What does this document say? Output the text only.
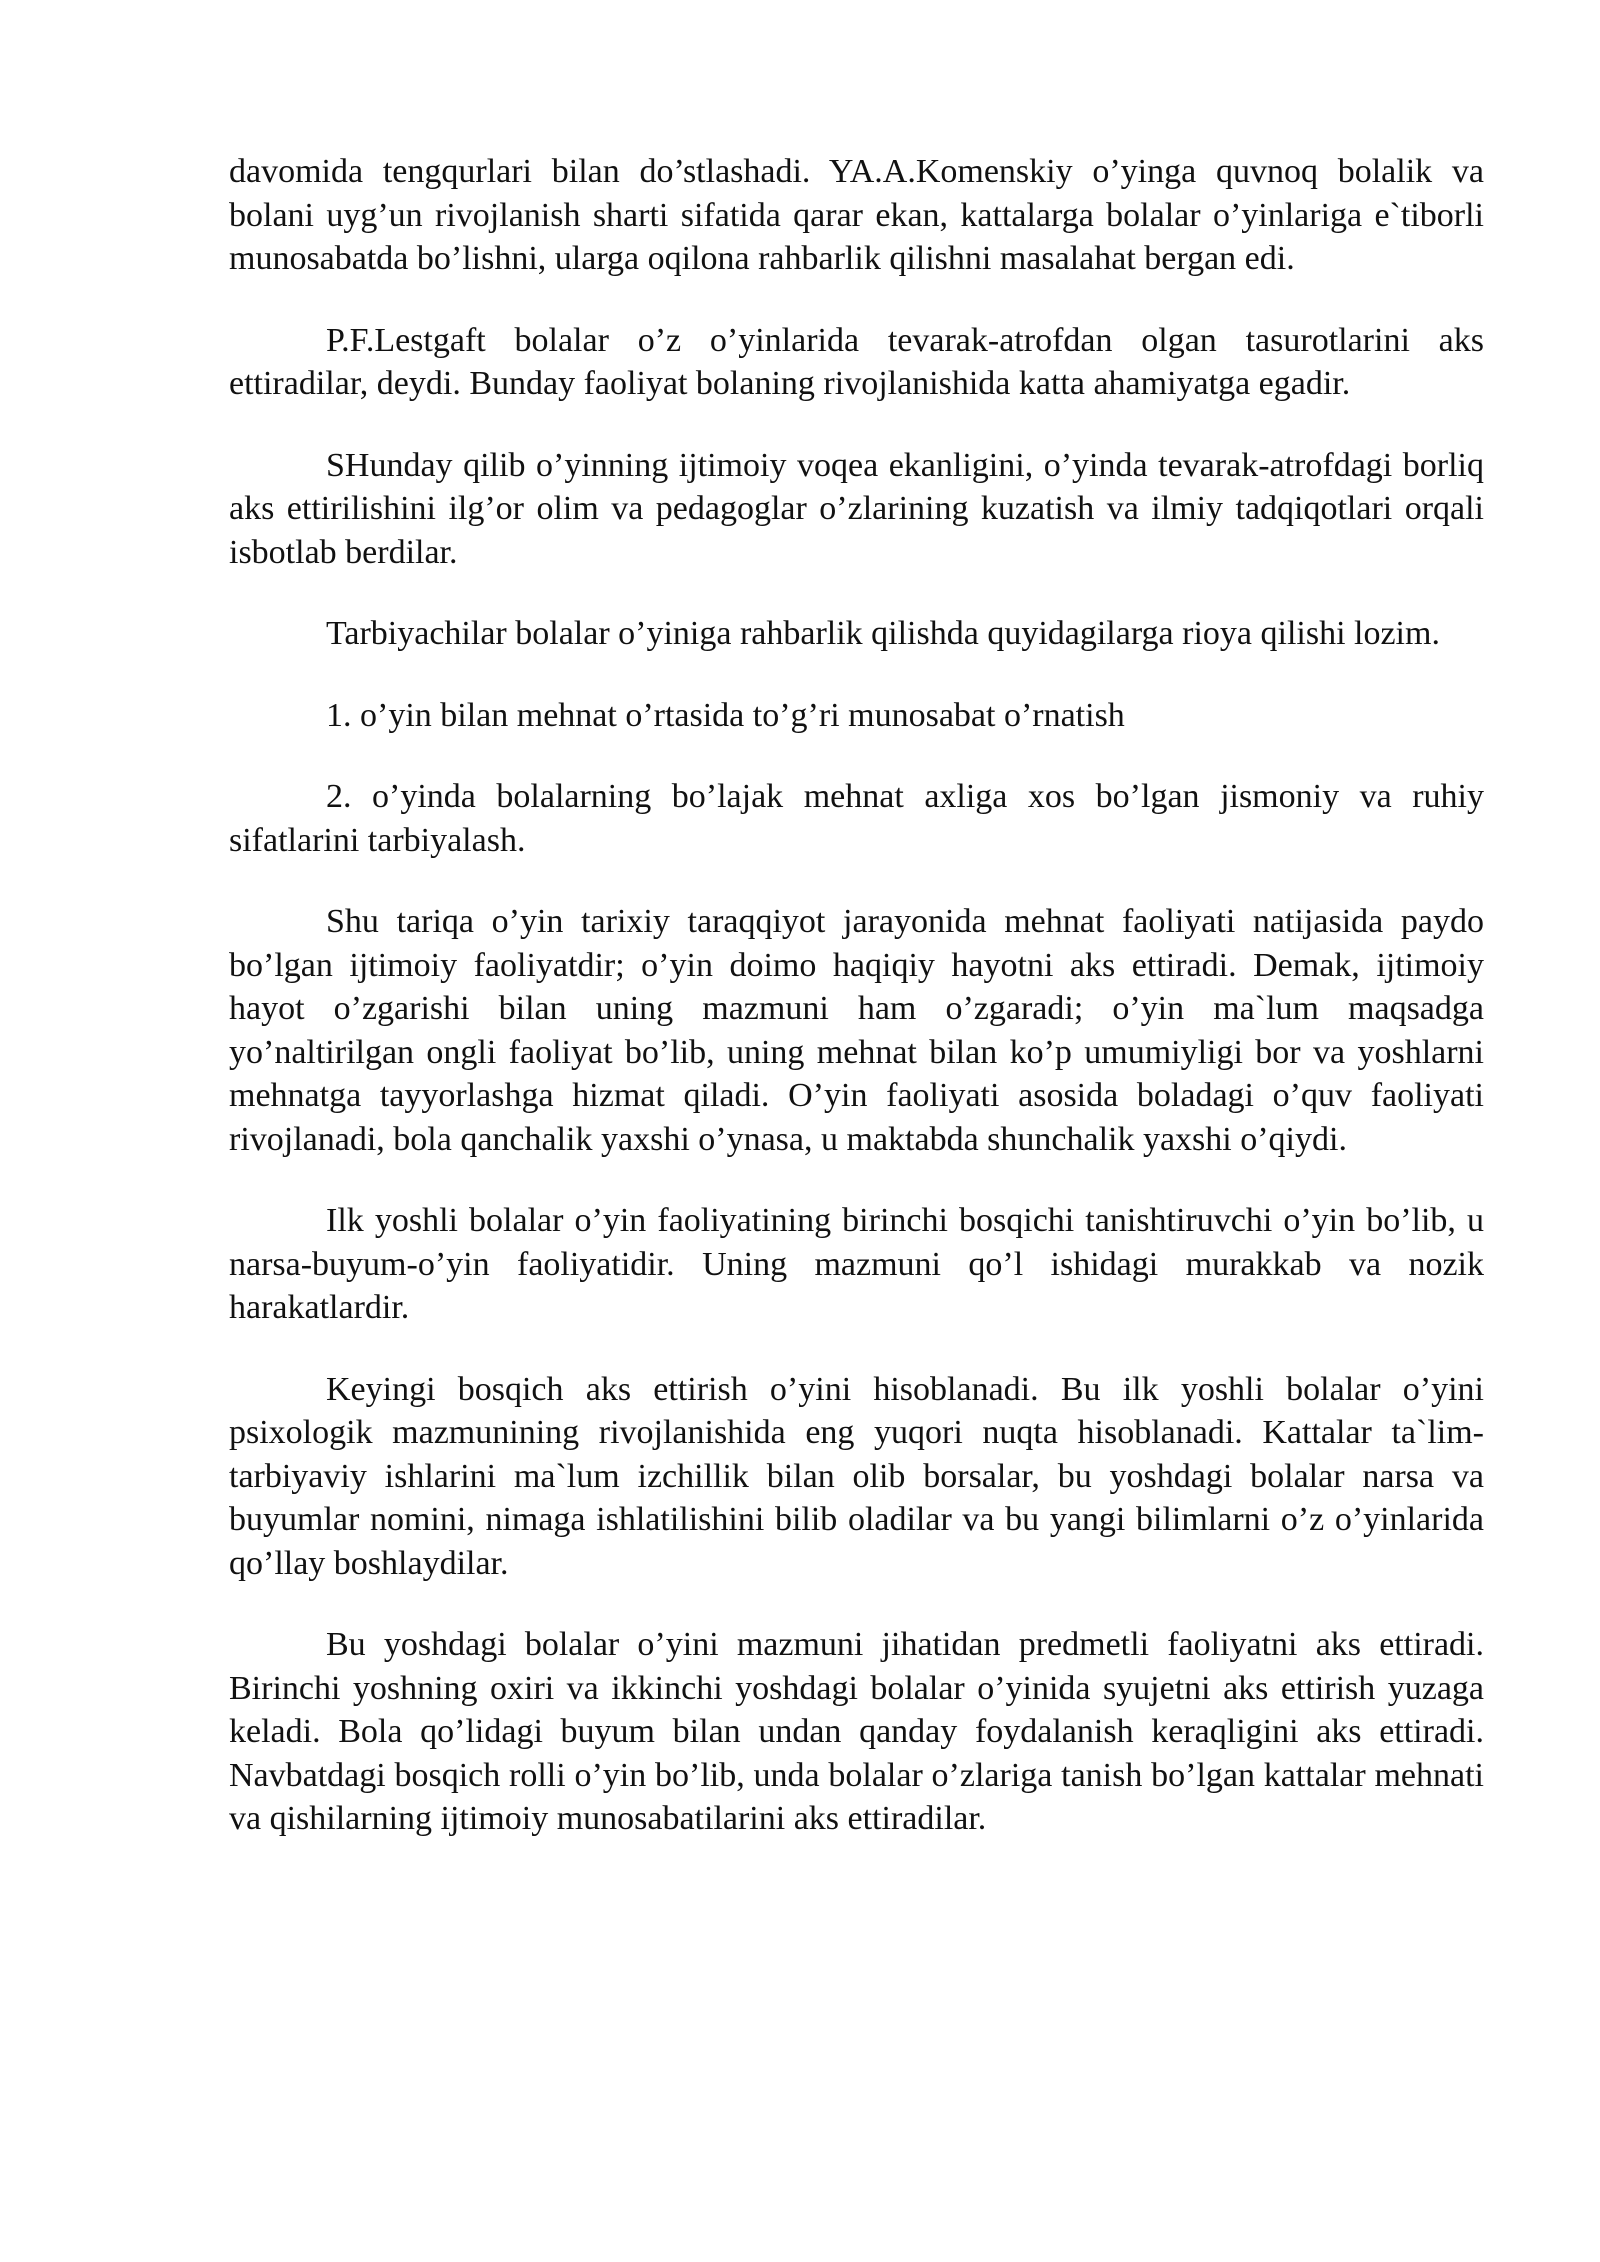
davomida tengqurlari bilan do’stlashadi. YA.A.Komenskiy o’yinga quvnoq bolalik va bolani uyg’un rivojlanish sharti sifatida qarar ekan, kattalarga bolalar o’yinlariga e`tiborli munosabatda bo’lishni, ularga oqilona rahbarlik qilishni masalahat bergan edi.

P.F.Lestgaft bolalar o’z o’yinlarida tevarak-atrofdan olgan tasurotlarini aks ettiradilar, deydi. Bunday faoliyat bolaning rivojlanishida katta ahamiyatga egadir.

SHunday qilib o’yinning ijtimoiy voqea ekanligini, o’yinda tevarak-atrofdagi borliq aks ettirilishini ilg’or olim va pedagoglar o’zlarining kuzatish va ilmiy tadqiqotlari orqali isbotlab berdilar.

Tarbiyachilar bolalar o’yiniga rahbarlik qilishda quyidagilarga rioya qilishi lozim.

1. o’yin bilan mehnat o’rtasida to’g’ri munosabat o’rnatish

2. o’yinda bolalarning bo’lajak mehnat axliga xos bo’lgan jismoniy va ruhiy sifatlarini tarbiyalash.

Shu tariqa o’yin tarixiy taraqqiyot jarayonida mehnat faoliyati natijasida paydo bo’lgan ijtimoiy faoliyatdir; o’yin doimo haqiqiy hayotni aks ettiradi. Demak, ijtimoiy hayot o’zgarishi bilan uning mazmuni ham o’zgaradi; o’yin ma`lum maqsadga yo’naltirilgan ongli faoliyat bo’lib, uning mehnat bilan ko’p umumiyligi bor va yoshlarni mehnatga tayyorlashga hizmat qiladi. O’yin faoliyati asosida boladagi o’quv faoliyati rivojlanadi, bola qanchalik yaxshi o’ynasa, u maktabda shunchalik yaxshi o’qiydi.

Ilk yoshli bolalar o’yin faoliyatining birinchi bosqichi tanishtiruvchi o’yin bo’lib, u narsa-buyum-o’yin faoliyatidir. Uning mazmuni qo’l ishidagi murakkab va nozik harakatlardir.

Keyingi bosqich aks ettirish o’yini hisoblanadi. Bu ilk yoshli bolalar o’yini psixologik mazmunining rivojlanishida eng yuqori nuqta hisoblanadi. Kattalar ta`lim-tarbiyaviy ishlarini ma`lum izchillik bilan olib borsalar, bu yoshdagi bolalar narsa va buyumlar nomini, nimaga ishlatilishini bilib oladilar va bu yangi bilimlarni o’z o’yinlarida qo’llay boshlaydilar.

Bu yoshdagi bolalar o’yini mazmuni jihatidan predmetli faoliyatni aks ettiradi. Birinchi yoshning oxiri va ikkinchi yoshdagi bolalar o’yinida syujetni aks ettirish yuzaga keladi. Bola qo’lidagi buyum bilan undan qanday foydalanish keraqligini aks ettiradi. Navbatdagi bosqich rolli o’yin bo’lib, unda bolalar o’zlariga tanish bo’lgan kattalar mehnati va qishilarning ijtimoiy munosabatilarini aks ettiradilar.
